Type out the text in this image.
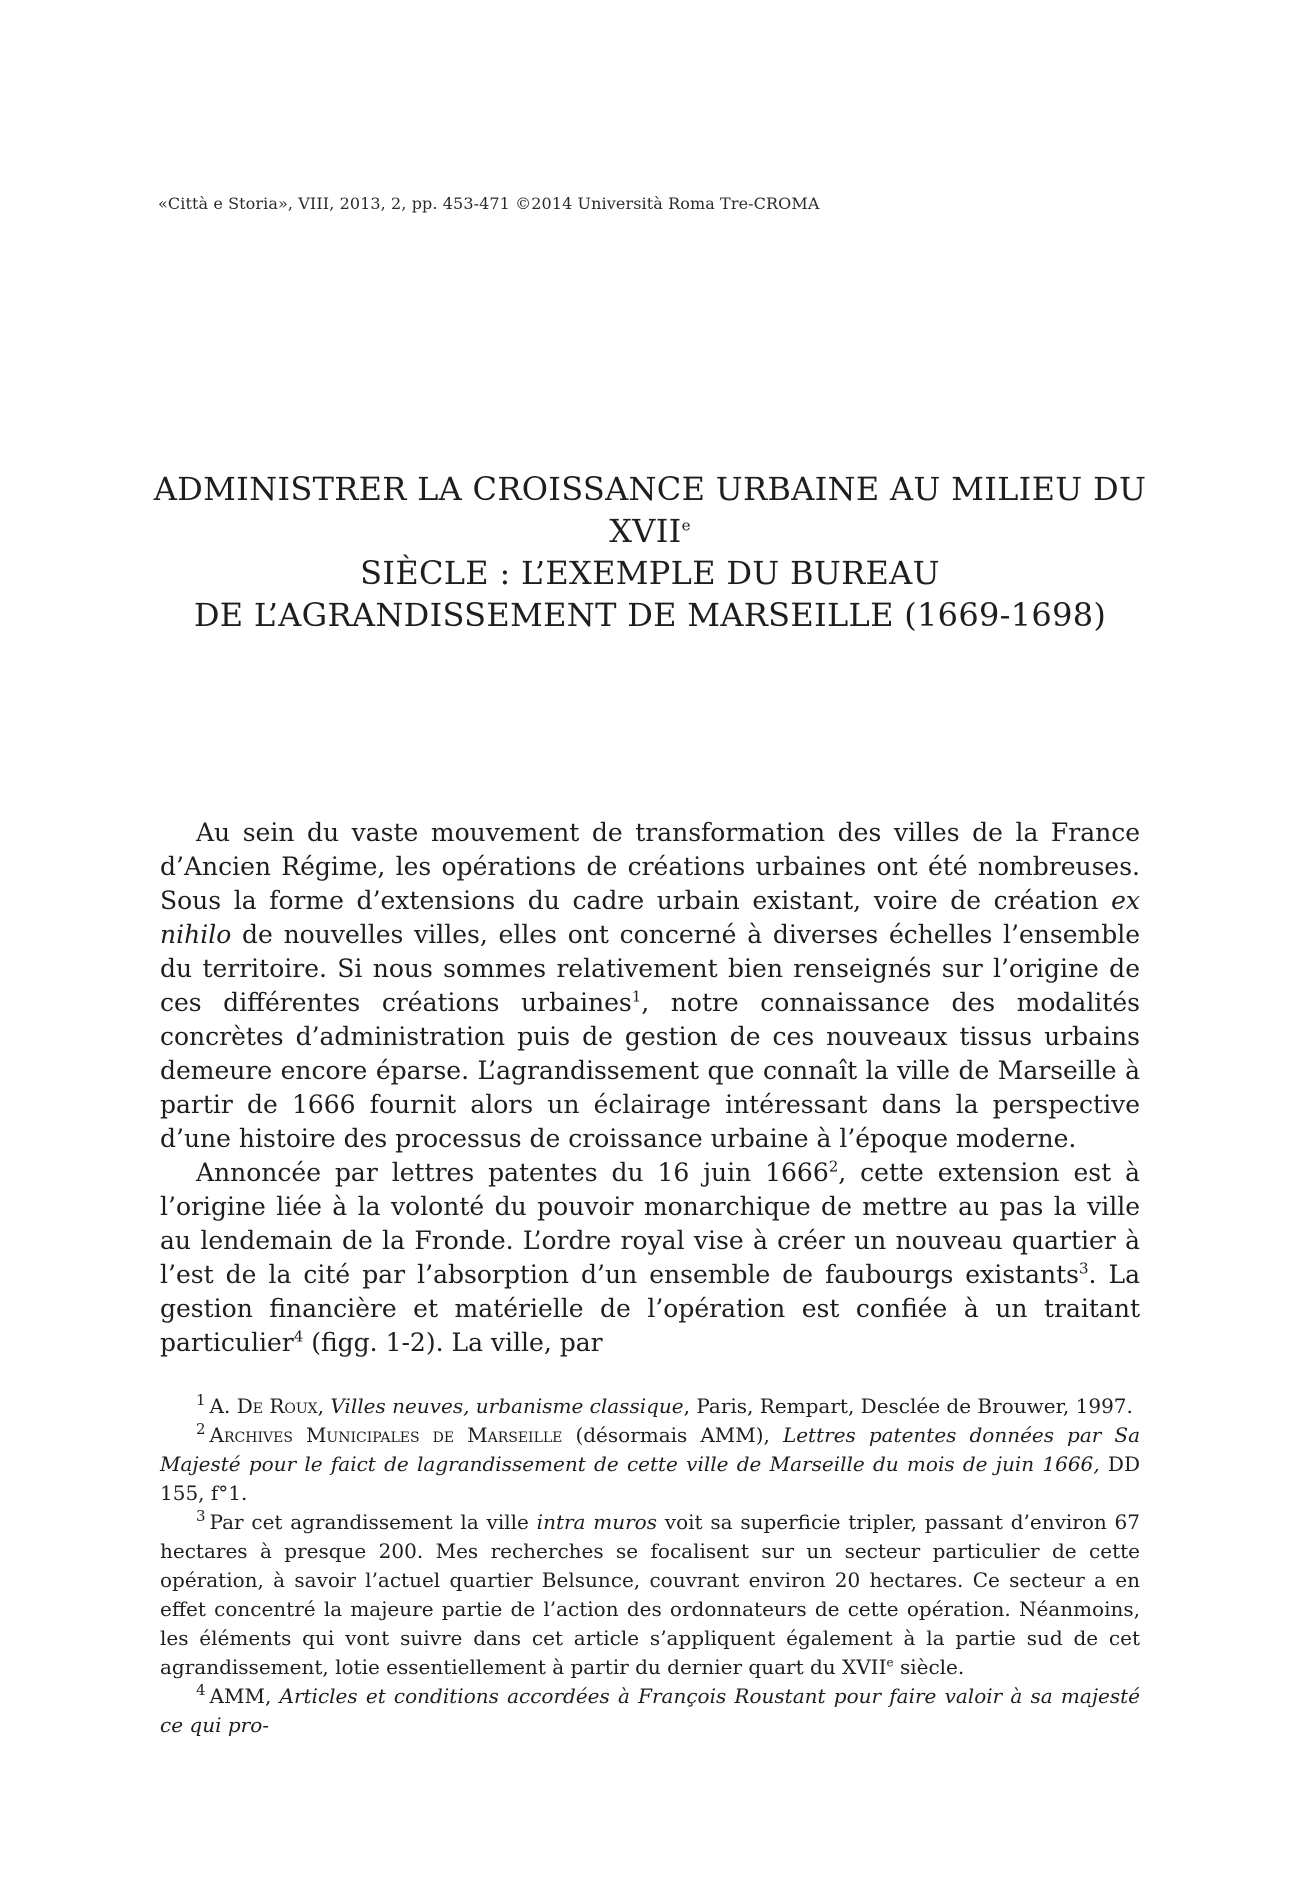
«Città e Storia», VIII, 2013, 2, pp. 453-471 ©2014 Università Roma Tre-CROMA
ADMINISTRER LA CROISSANCE URBAINE AU MILIEU DU XVIIe
SIÈCLE : L’EXEMPLE DU BUREAU
DE L’AGRANDISSEMENT DE MARSEILLE (1669-1698)

Au sein du vaste mouvement de transformation des villes de la France d’Ancien Régime, les opérations de créations urbaines ont été nombreuses. Sous la forme d’extensions du cadre urbain existant, voire de création ex nihilo de nouvelles villes, elles ont concerné à diverses échelles l’ensemble du territoire. Si nous sommes relativement bien renseignés sur l’origine de ces différentes créations urbaines$^1$, notre connaissance des modalités concrètes d’administration puis de gestion de ces nouveaux tissus urbains demeure encore éparse. L’agrandissement que connaît la ville de Marseille à partir de 1666 fournit alors un éclairage intéressant dans la perspective d’une histoire des processus de croissance urbaine à l’époque moderne.

Annoncée par lettres patentes du 16 juin 1666$^2$, cette extension est à l’origine liée à la volonté du pouvoir monarchique de mettre au pas la ville au lendemain de la Fronde. L’ordre royal vise à créer un nouveau quartier à l’est de la cité par l’absorption d’un ensemble de faubourgs existants$^3$. La gestion financière et matérielle de l’opération est confiée à un traitant particulier$^4$ (figg. 1-2). La ville, par

$^1$ A. De Roux, Villes neuves, urbanisme classique, Paris, Rempart, Desclée de Brouwer, 1997.

$^2$ Archives Municipales de Marseille (désormais AMM), Lettres patentes données par Sa Majesté pour le faict de lagrandissement de cette ville de Marseille du mois de juin 1666, DD 155, f°1.

$^3$ Par cet agrandissement la ville intra muros voit sa superficie tripler, passant d’environ 67 hectares à presque 200. Mes recherches se focalisent sur un secteur particulier de cette opération, à savoir l’actuel quartier Belsunce, couvrant environ 20 hectares. Ce secteur a en effet concentré la majeure partie de l’action des ordonnateurs de cette opération. Néanmoins, les éléments qui vont suivre dans cet article s’appliquent également à la partie sud de cet agrandissement, lotie essentiellement à partir du dernier quart du XVIIe siècle.

$^4$ AMM, Articles et conditions accordées à François Roustant pour faire valoir à sa majesté ce qui pro-
